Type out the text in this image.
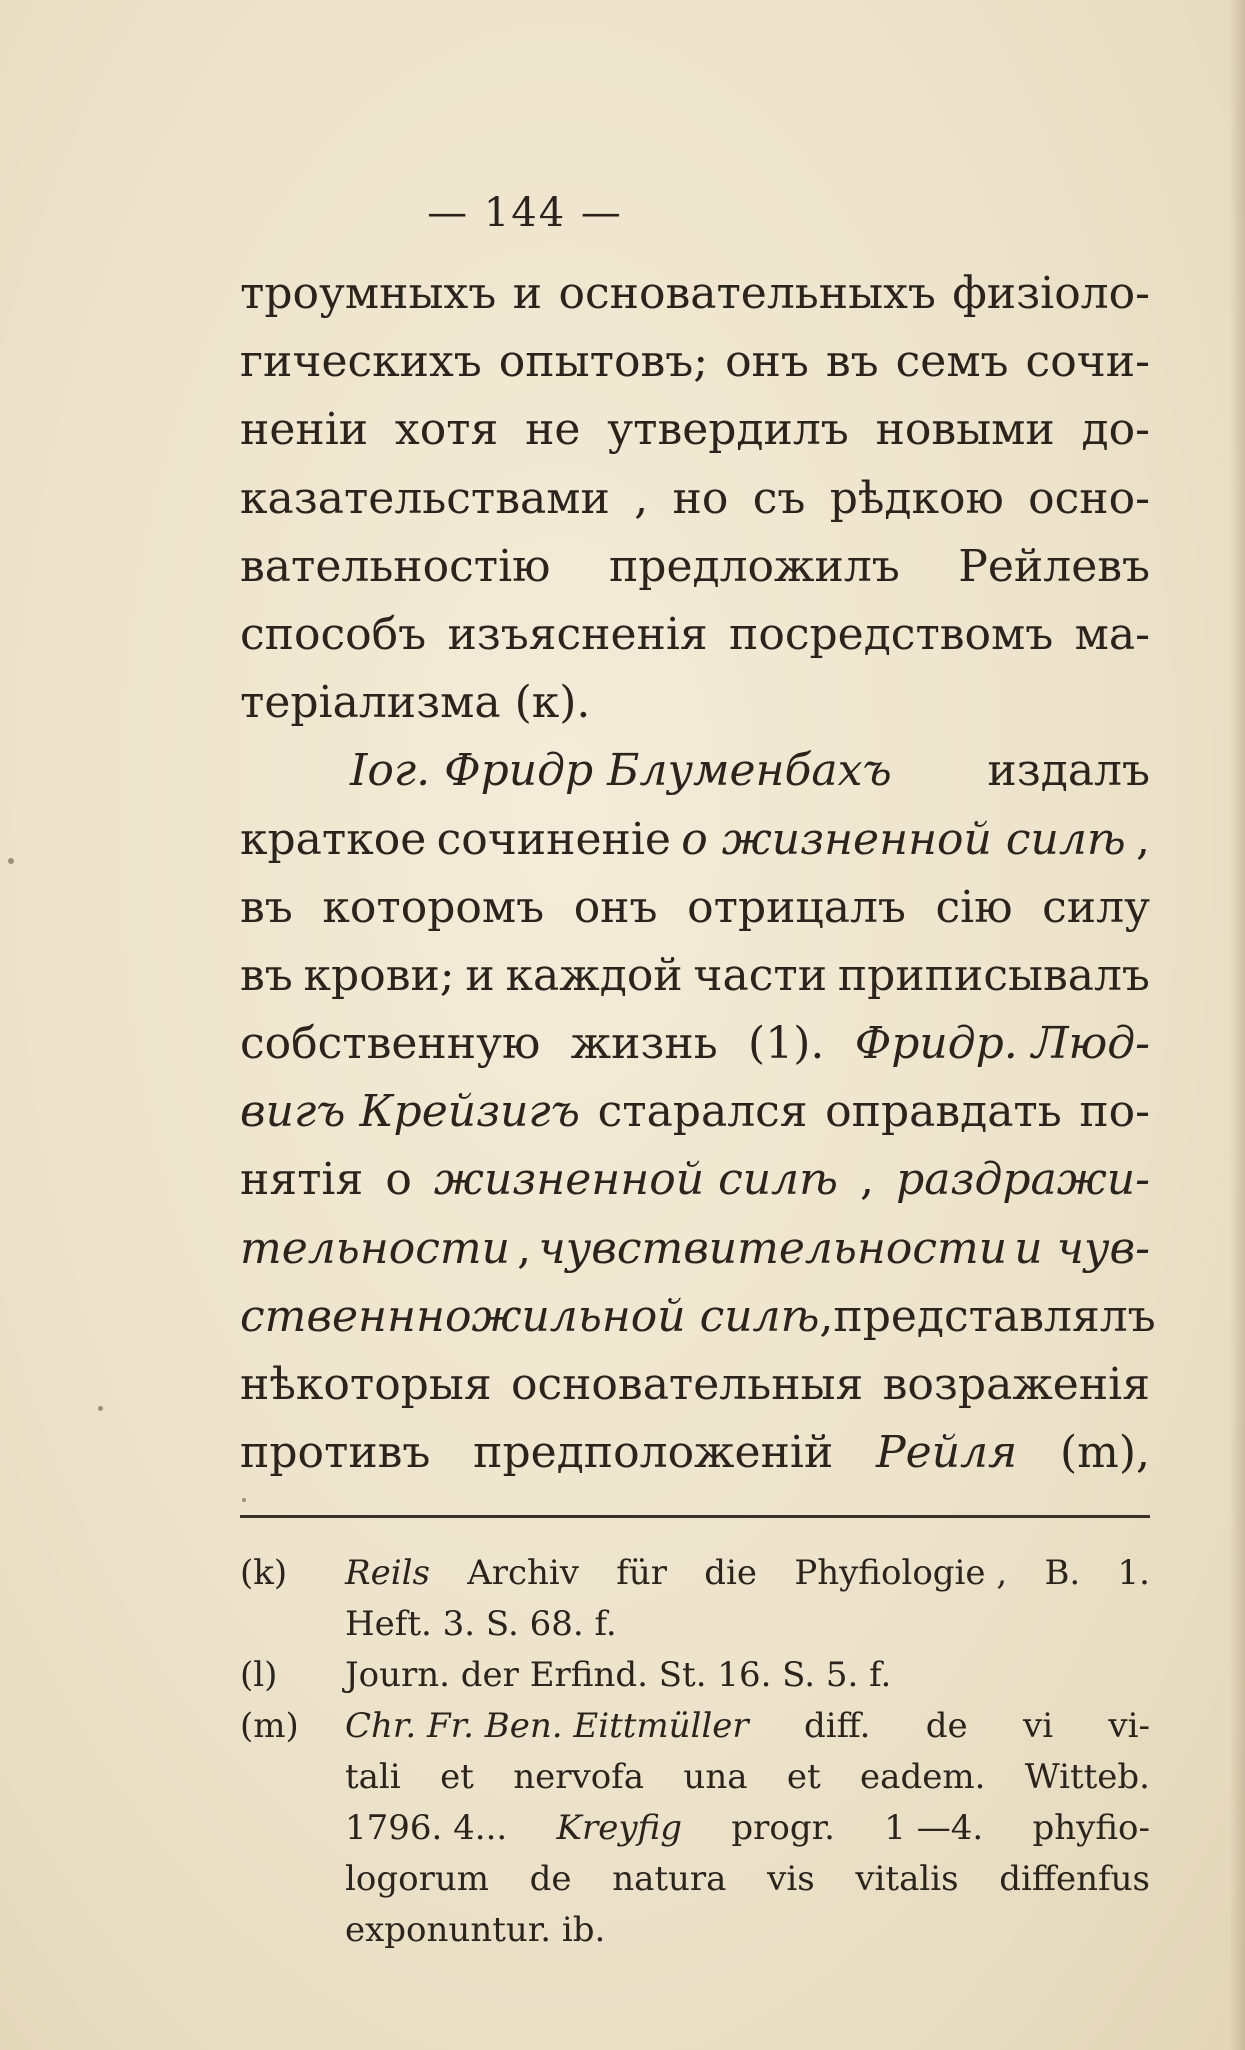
— 144 —
троумныхъ и основательныхъ физіоло-
гическихъ опытовъ; онъ въ семъ сочи-
неніи хотя не утвердилъ новыми до-
казательствами , но съ рѣдкою осно-
вательностію предложилъ Рейлевъ
способъ изъясненія посредствомъ ма-
теріализма (к).
Іог. Фридр Блуменбахъ издалъ
краткое сочиненіе о жизненной силѣ ,
въ которомъ онъ отрицалъ сію силу
въ крови; и каждой части приписывалъ
собственную жизнь (1). Фридр. Люд-
вигъ Крейзигъ старался оправдать по-
нятія о жизненной силѣ , раздражи-
тельности , чувствительности и чув-
ственнножильной силѣ , представлялъ
нѣкоторыя основательныя возраженія
противъ предположеній Рейля (m),
(k)	Reils Archiv für die Phyfiologie , B. 1.
Heft. 3. S. 68. f.
(l)	Journ. der Erfind. St. 16. S. 5. f.
(m)	Chr. Fr. Ben. Eittmüller diff. de vi vi-
tali et nervofa una et eadem. Witteb.
1796. 4... Kreyfig progr. 1 —4. phyfio-
logorum de natura vis vitalis diffenfus
exponuntur. ib.
